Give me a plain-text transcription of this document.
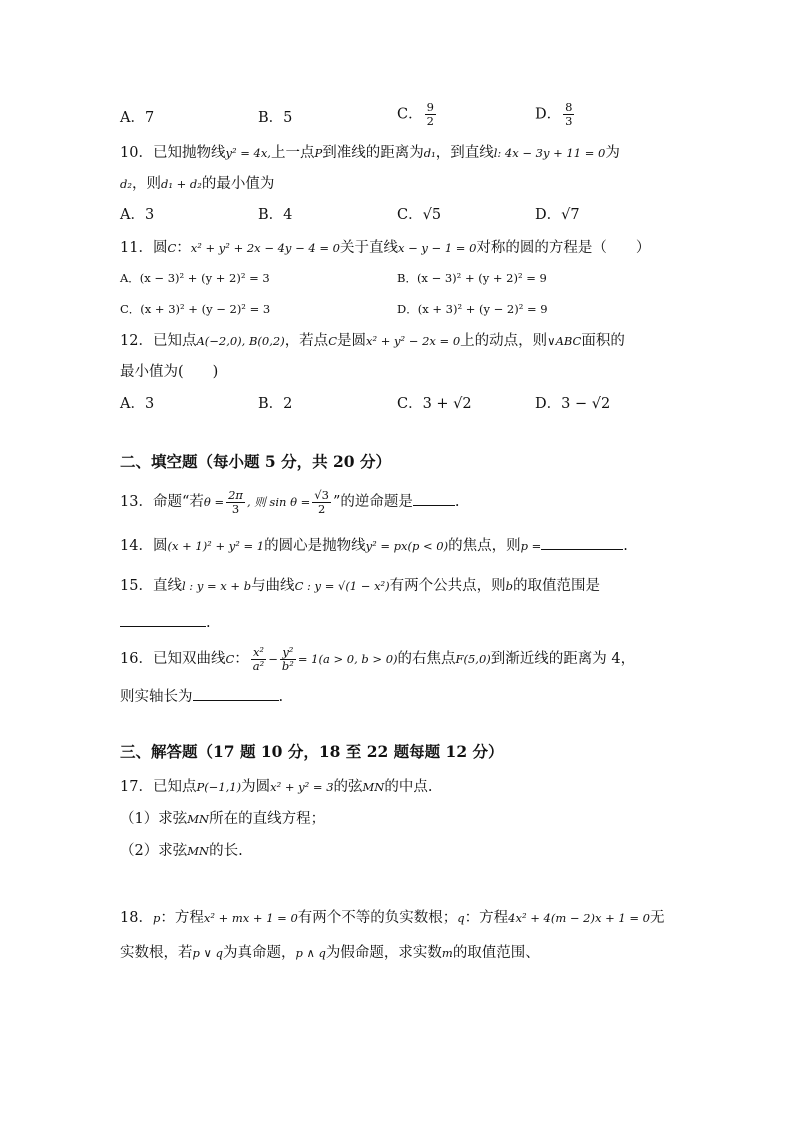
A．7	B．5	C． $\frac{9}{2}$	D． $\frac{8}{3}$
10．已知抛物线y² = 4x,上一点P到准线的距离为d₁，到直线l: 4x − 3y + 11 = 0为
d₂，则d₁ + d₂的最小值为
A．3	B．4	C．√5	D．√7
11．圆C：x² + y² + 2x − 4y − 4 = 0关于直线x − y − 1 = 0对称的圆的方程是（　　）
A．(x − 3)² + (y + 2)² = 3	B．(x − 3)² + (y + 2)² = 9
C．(x + 3)² + (y − 2)² = 3	D．(x + 3)² + (y − 2)² = 9
12．已知点A(−2,0), B(0,2)，若点C是圆x² + y² − 2x = 0上的动点，则∨ABC面积的
最小值为(　　)
A．3	B．2	C．3 + √2	D．3 − √2
二、填空题（每小题 5 分，共 20 分）
13．命题“若$\theta = \frac{2\pi}{3}$ , 则 $\sin \theta = \frac{√3}{2}$ ”的逆命题是	.
14．圆(x + 1)² + y² = 1的圆心是抛物线y² = px(p < 0)的焦点，则p =	.
15．直线l : y = x + b与曲线C : y = √(1 − x²)有两个公共点，则b的取值范围是
.
16．已知双曲线C： $\frac{\text{x²}}{\text{a²}} - \frac{\text{y²}}{\text{b²}} = 1(a > 0$, b > 0)的右焦点F(5,0)到渐近线的距离为 4，
则实轴长为	.
三、解答题（17 题 10 分，18 至 22 题每题 12 分）
17．已知点P(−1,1)为圆x² + y² = 3的弦MN的中点.
（1）求弦MN所在的直线方程；
（2）求弦MN的长.
18．p：方程x² + mx + 1 = 0有两个不等的负实数根；q：方程4x² + 4(m − 2)x + 1 = 0无
实数根，若p ∨ q为真命题，p ∧ q为假命题，求实数m的取值范围、
